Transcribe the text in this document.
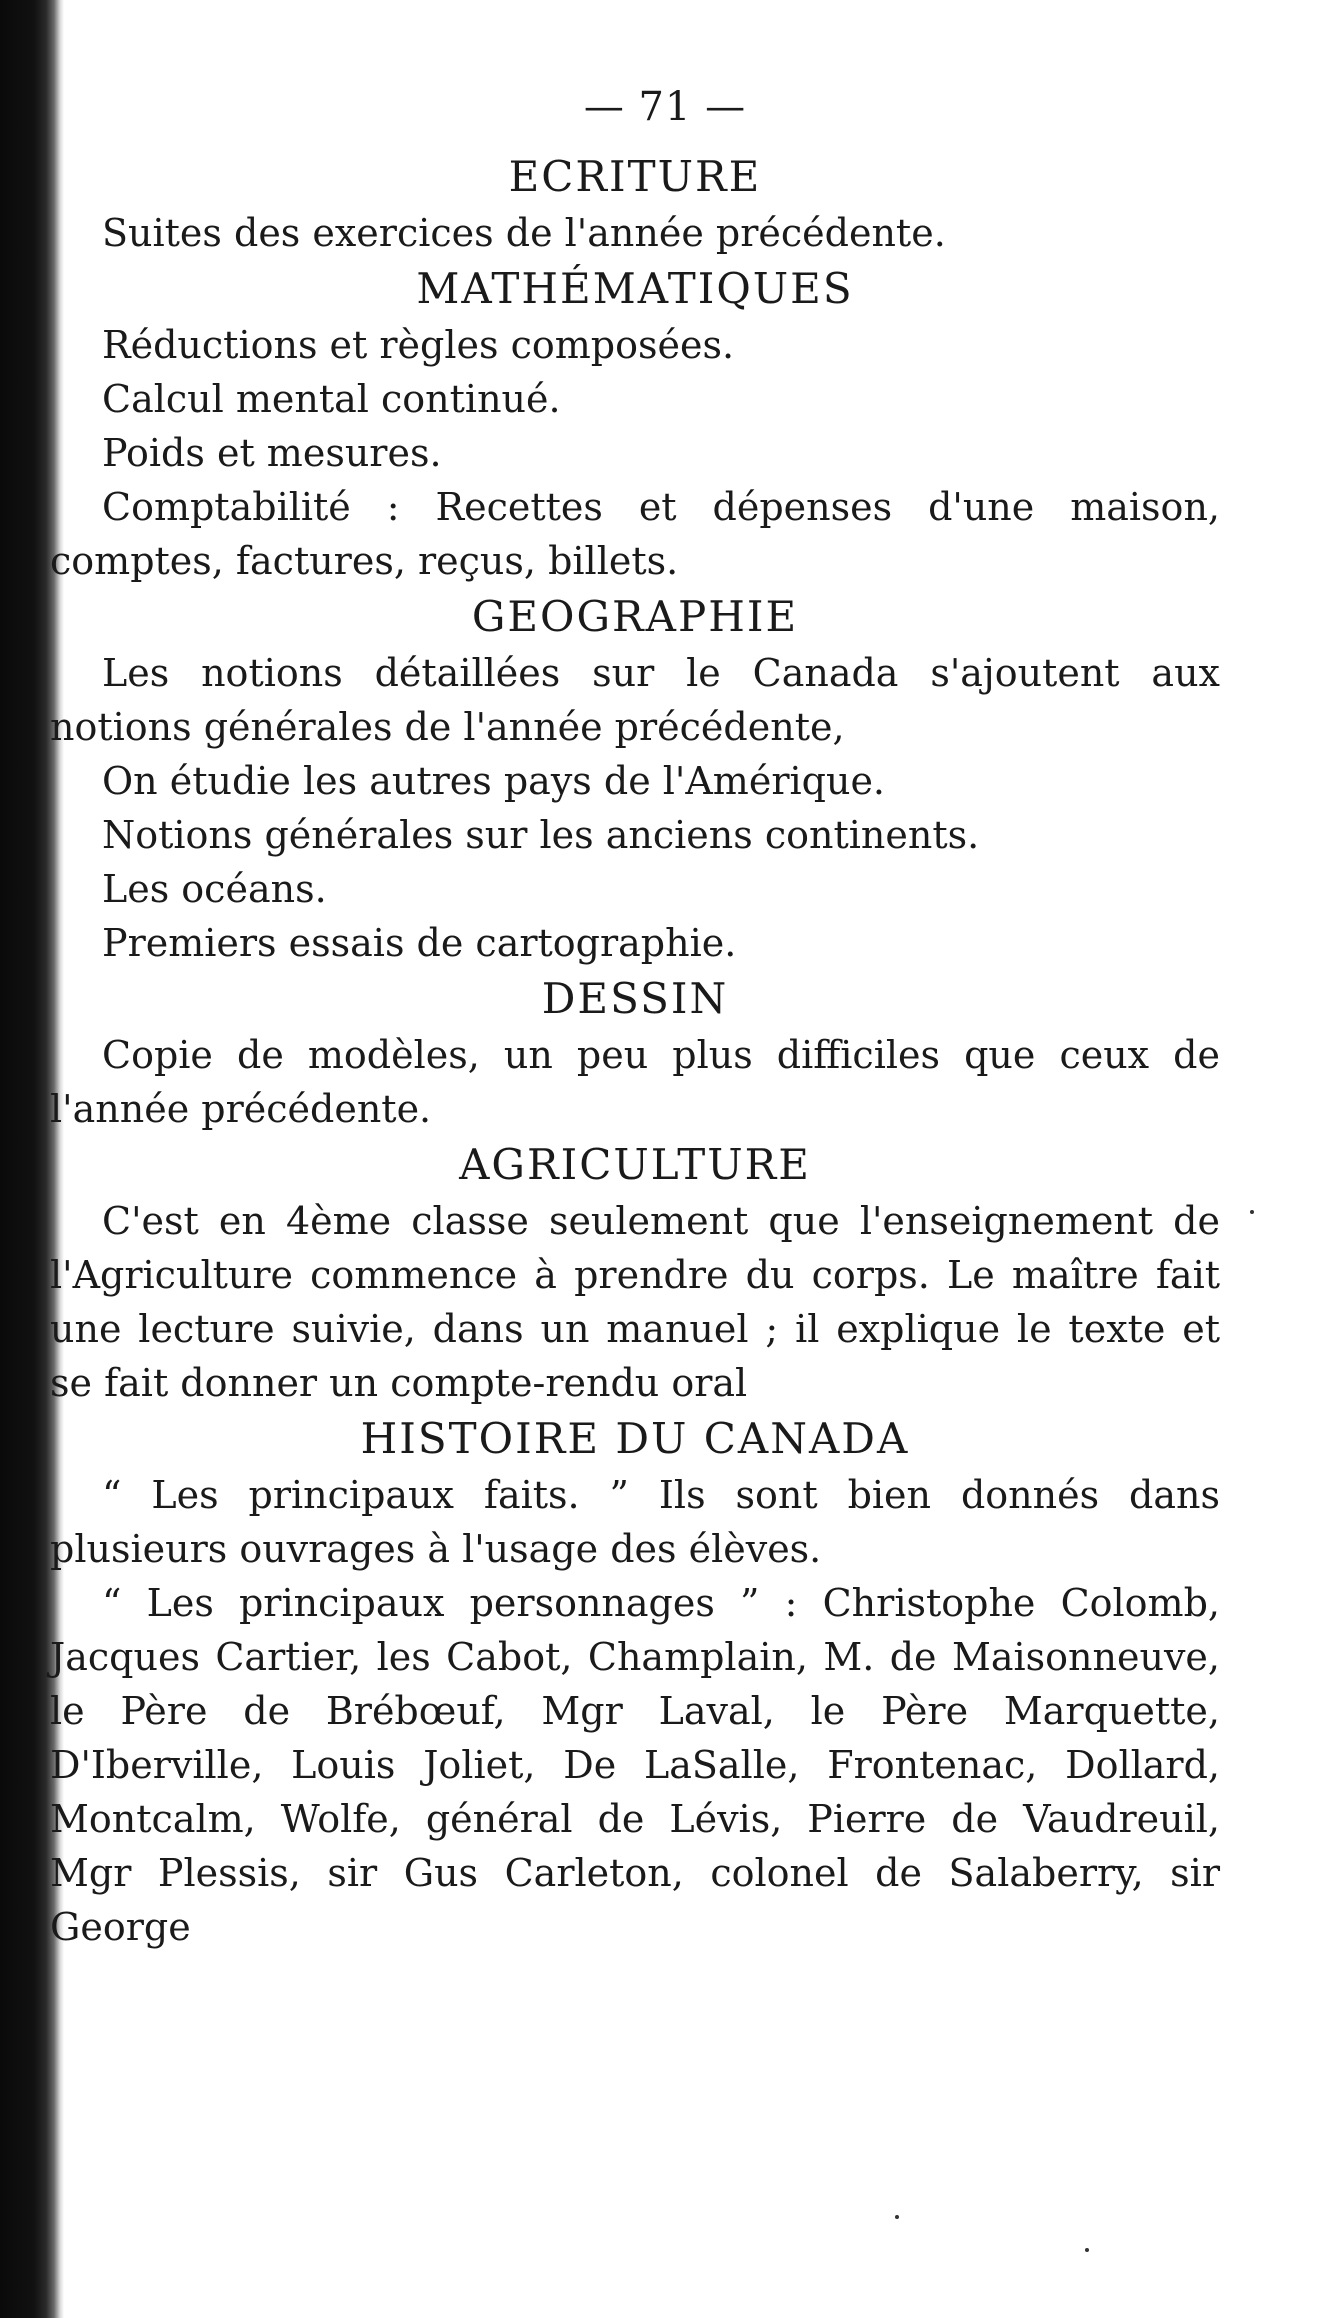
— 71 —
ECRITURE

Suites des exercices de l'année précédente.

MATHÉMATIQUES

Réductions et règles composées.

Calcul mental continué.

Poids et mesures.

Comptabilité : Recettes et dépenses d'une maison, comptes, factures, reçus, billets.

GEOGRAPHIE

Les notions détaillées sur le Canada s'ajoutent aux notions générales de l'année précédente,

On étudie les autres pays de l'Amérique.

Notions générales sur les anciens continents.

Les océans.

Premiers essais de cartographie.

DESSIN

Copie de modèles, un peu plus difficiles que ceux de l'année précédente.

AGRICULTURE

C'est en 4ème classe seulement que l'enseignement de l'Agriculture commence à prendre du corps. Le maître fait une lecture suivie, dans un manuel ; il explique le texte et se fait donner un compte-rendu oral

HISTOIRE DU CANADA

“ Les principaux faits. ” Ils sont bien donnés dans plusieurs ouvrages à l'usage des élèves.

“ Les principaux personnages ” : Christophe Colomb, Jacques Cartier, les Cabot, Champlain, M. de Maisonneuve, le Père de Brébœuf, Mgr Laval, le Père Marquette, D'Iberville, Louis Joliet, De LaSalle, Frontenac, Dollard, Montcalm, Wolfe, général de Lévis, Pierre de Vaudreuil, Mgr Plessis, sir Gus Carleton, colonel de Salaberry, sir George
